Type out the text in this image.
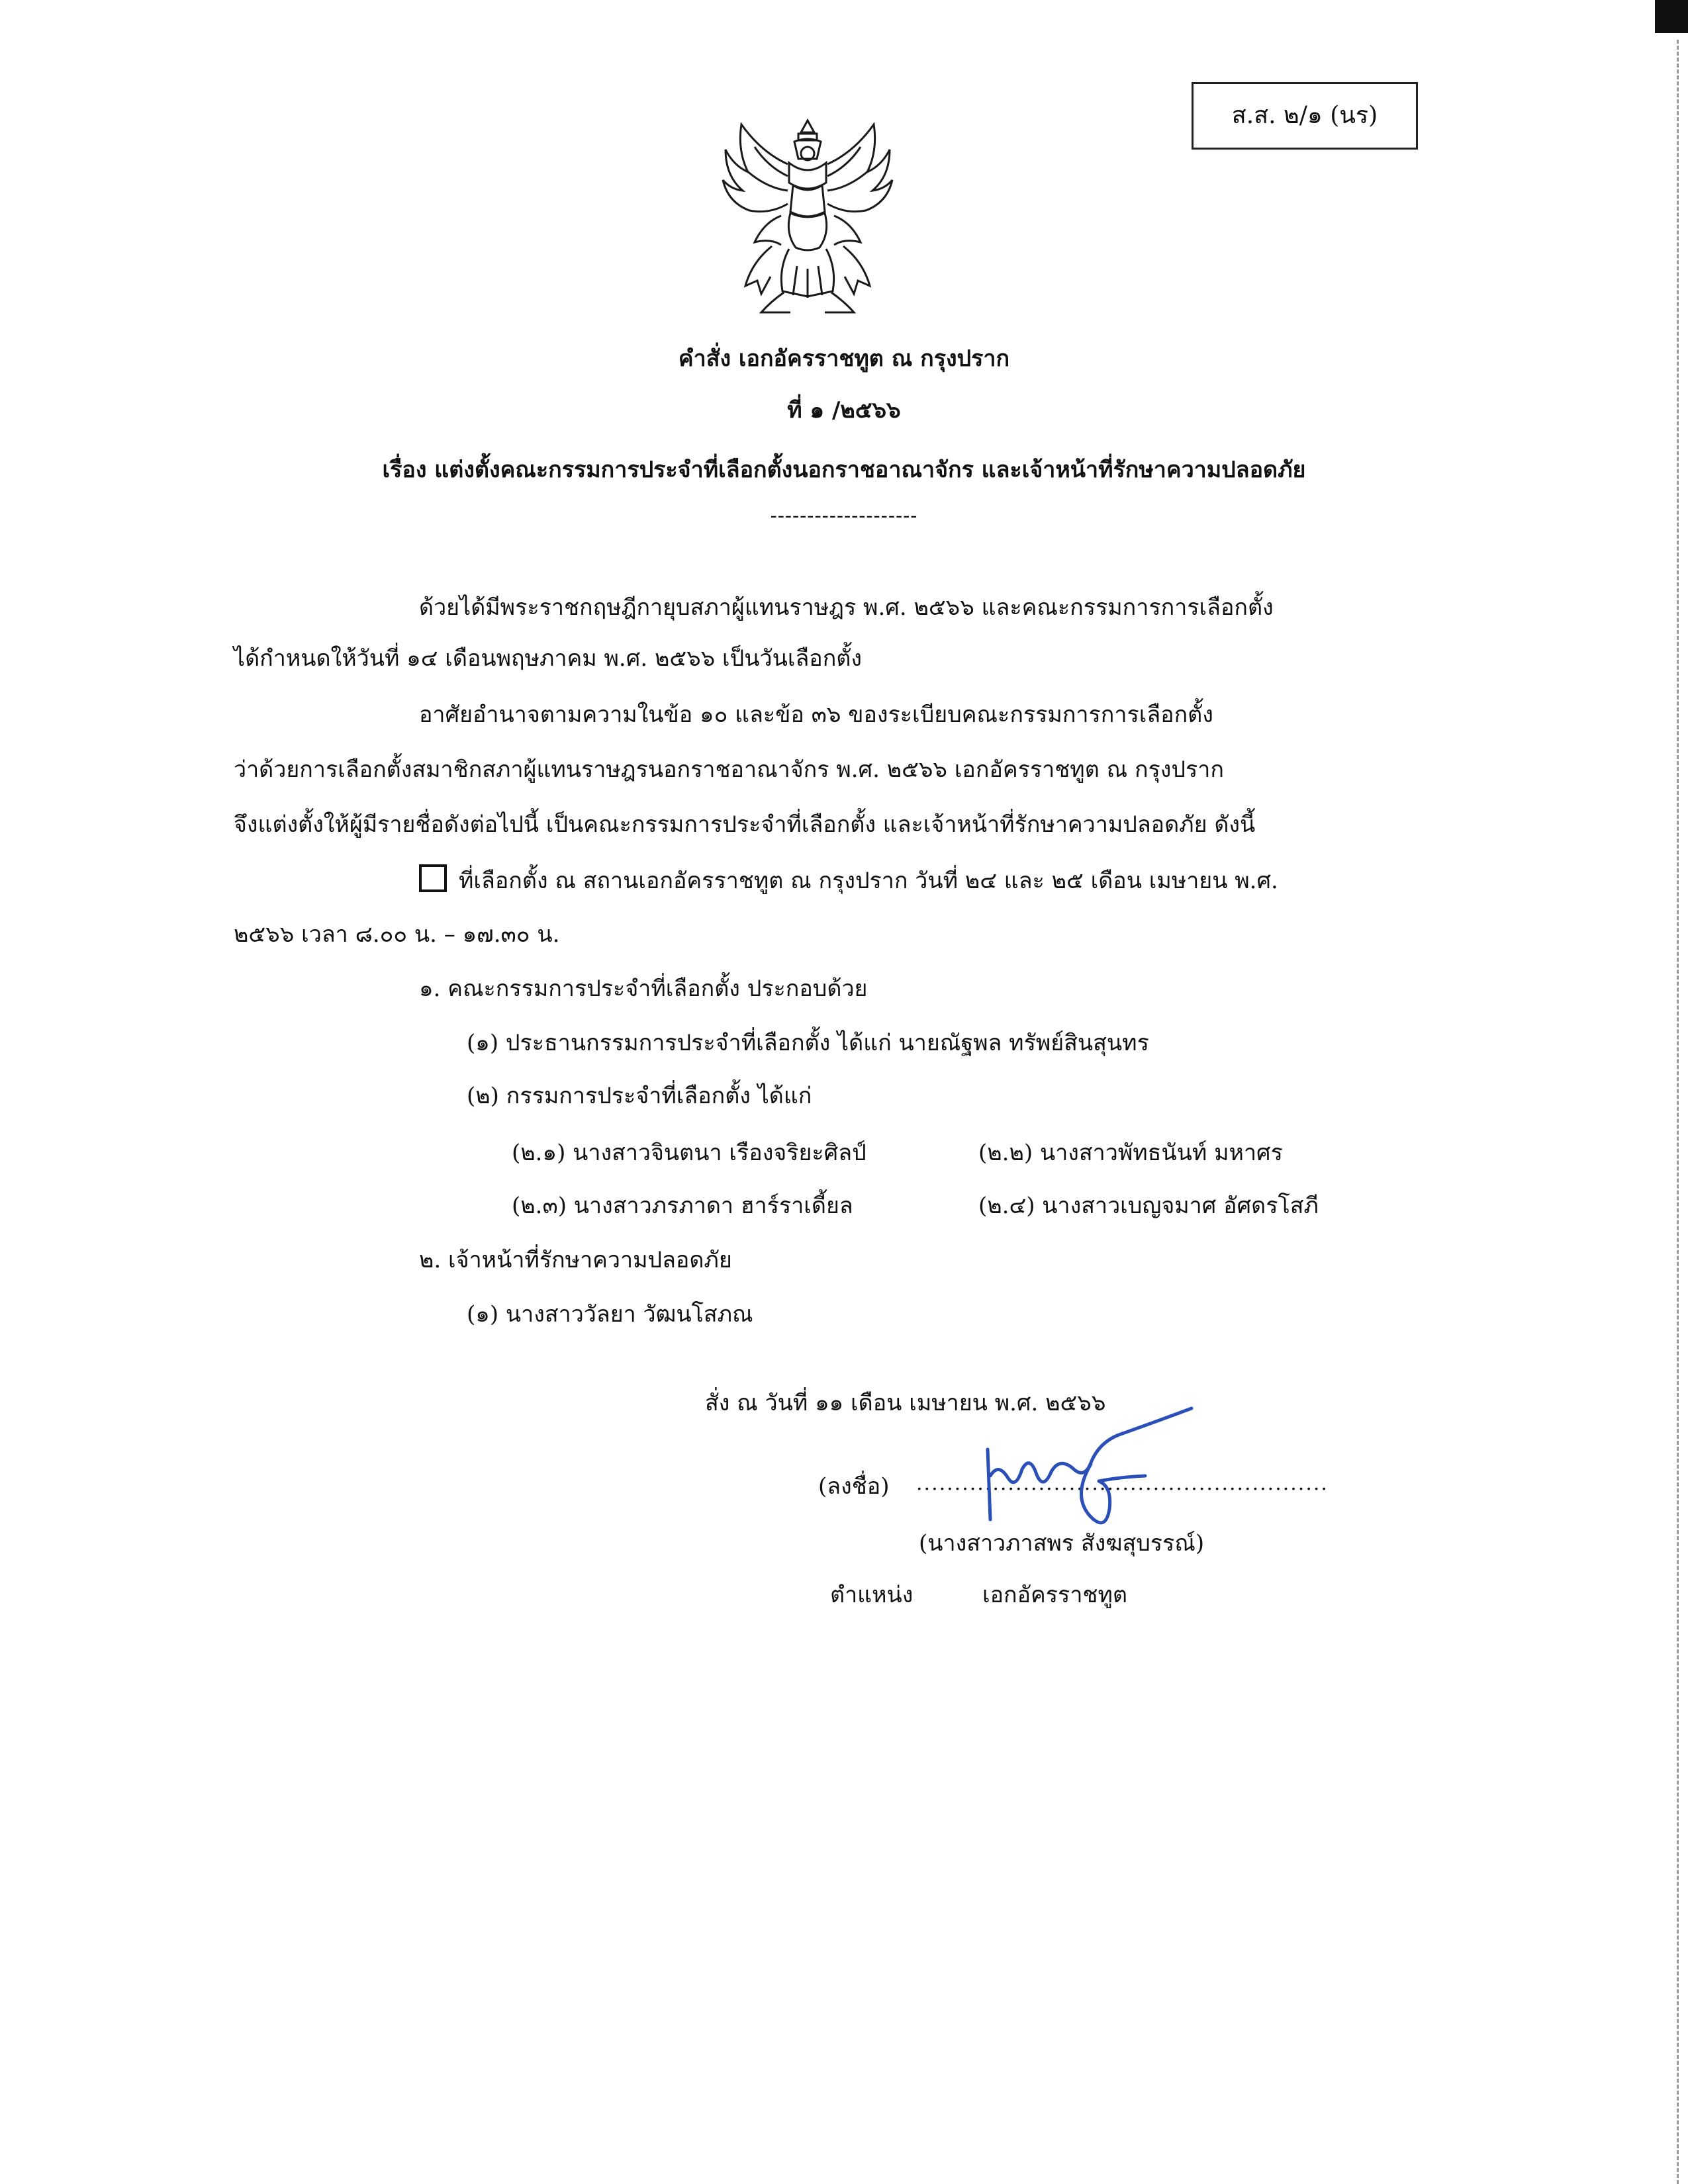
ส.ส. ๒/๑ (นร)
คำสั่ง เอกอัครราชทูต ณ กรุงปราก
ที่ ๑ /๒๕๖๖
เรื่อง แต่งตั้งคณะกรรมการประจำที่เลือกตั้งนอกราชอาณาจักร และเจ้าหน้าที่รักษาความปลอดภัย
--------------------
ด้วยได้มีพระราชกฤษฎีกายุบสภาผู้แทนราษฎร พ.ศ. ๒๕๖๖ และคณะกรรมการการเลือกตั้ง
ได้กำหนดให้วันที่ ๑๔ เดือนพฤษภาคม พ.ศ. ๒๕๖๖ เป็นวันเลือกตั้ง
อาศัยอำนาจตามความในข้อ ๑๐ และข้อ ๓๖ ของระเบียบคณะกรรมการการเลือกตั้ง
ว่าด้วยการเลือกตั้งสมาชิกสภาผู้แทนราษฎรนอกราชอาณาจักร พ.ศ. ๒๕๖๖ เอกอัครราชทูต ณ กรุงปราก
จึงแต่งตั้งให้ผู้มีรายชื่อดังต่อไปนี้ เป็นคณะกรรมการประจำที่เลือกตั้ง และเจ้าหน้าที่รักษาความปลอดภัย ดังนี้
ที่เลือกตั้ง ณ สถานเอกอัครราชทูต ณ กรุงปราก วันที่ ๒๔ และ ๒๕ เดือน เมษายน พ.ศ.
๒๕๖๖ เวลา ๘.๐๐ น. – ๑๗.๓๐ น.
๑. คณะกรรมการประจำที่เลือกตั้ง ประกอบด้วย
(๑) ประธานกรรมการประจำที่เลือกตั้ง ได้แก่ นายณัฐพล ทรัพย์สินสุนทร
(๒) กรรมการประจำที่เลือกตั้ง ได้แก่
(๒.๑) นางสาวจินตนา เรืองจริยะศิลป์	(๒.๒) นางสาวพัทธนันท์ มหาศร
(๒.๓) นางสาวภรภาดา ฮาร์ราเดี้ยล	(๒.๔) นางสาวเบญจมาศ อัศดรโสภี
๒. เจ้าหน้าที่รักษาความปลอดภัย
(๑) นางสาววัลยา วัฒนโสภณ
สั่ง ณ วันที่ ๑๑ เดือน เมษายน พ.ศ. ๒๕๖๖
(ลงชื่อ) ......................................................
(นางสาวภาสพร สังฆสุบรรณ์)
ตำแหน่ง	เอกอัครราชทูต
